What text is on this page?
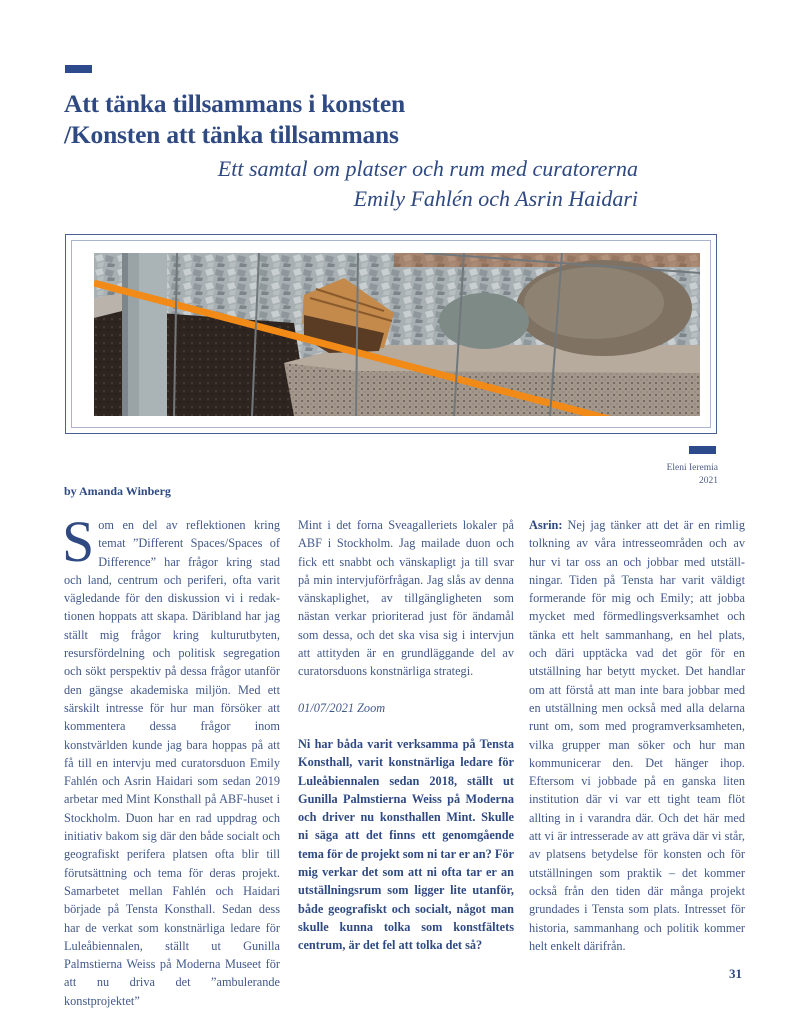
Att tänka tillsammans i konsten
/Konsten att tänka tillsammans
Ett samtal om platser och rum med curatorerna
Emily Fahlén och Asrin Haidari
Eleni Ieremia
2021
by Amanda Winberg

Som en del av reflektionen kring temat ”Different Spaces/Spaces of Difference” har frågor kring stad och land, centrum och periferi, ofta varit vägledande för den diskussion vi i redaktionen hoppats att skapa. Däribland har jag ställt mig frågor kring kulturutbyten, resursfördelning och politisk segregation och sökt perspektiv på dessa frågor utanför den gängse akademiska miljön. Med ett särskilt intresse för hur man försöker att kommentera dessa frågor inom konstvärlden kunde jag bara hoppas på att få till en intervju med curatorsduon Emily Fahlén och Asrin Haidari som sedan 2019 arbetar med Mint Konsthall på ABF-huset i Stockholm. Duon har en rad uppdrag och initiativ bakom sig där den både socialt och geografiskt perifera platsen ofta blir till förutsättning och tema för deras projekt. Samarbetet mellan Fahlén och Haidari började på Tensta Konsthall. Sedan dess har de verkat som konstnärliga ledare för Luleåbiennalen, ställt ut Gunilla Palmstierna Weiss på Moderna Museet för att nu driva det ”ambulerande konstprojektet”

Mint i det forna Sveagalleriets lokaler på ABF i Stockholm. Jag mailade duon och fick ett snabbt och vänskapligt ja till svar på min intervjuförfrågan. Jag slås av denna vänskaplighet, av tillgängligheten som nästan verkar prioriterad just för ändamål som dessa, och det ska visa sig i intervjun att attityden är en grundläggande del av curatorsduons konstnärliga strategi.

01/07/2021 Zoom

Ni har båda varit verksamma på Tensta Konsthall, varit konstnärliga ledare för Luleåbiennalen sedan 2018, ställt ut Gunilla Palmstierna Weiss på Moderna och driver nu konsthallen Mint. Skulle ni säga att det finns ett genomgående tema för de projekt som ni tar er an? För mig verkar det som att ni ofta tar er an utställningsrum som ligger lite utanför, både geografiskt och socialt, något man skulle kunna tolka som konstfältets centrum, är det fel att tolka det så?

Asrin: Nej jag tänker att det är en rimlig tolkning av våra intresseområden och av hur vi tar oss an och jobbar med utställningar. Tiden på Tensta har varit väldigt formerande för mig och Emily; att jobba mycket med förmedlingsverksamhet och tänka ett helt sammanhang, en hel plats, och däri upptäcka vad det gör för en utställning har betytt mycket. Det handlar om att förstå att man inte bara jobbar med en utställning men också med alla delarna runt om, som med programverksamheten, vilka grupper man söker och hur man kommunicerar den. Det hänger ihop. Eftersom vi jobbade på en ganska liten institution där vi var ett tight team flöt allting in i varandra där. Och det här med att vi är intresserade av att gräva där vi står, av platsens betydelse för konsten och för utställningen som praktik – det kommer också från den tiden där många projekt grundades i Tensta som plats. Intresset för historia, sammanhang och politik kommer helt enkelt därifrån.

31
